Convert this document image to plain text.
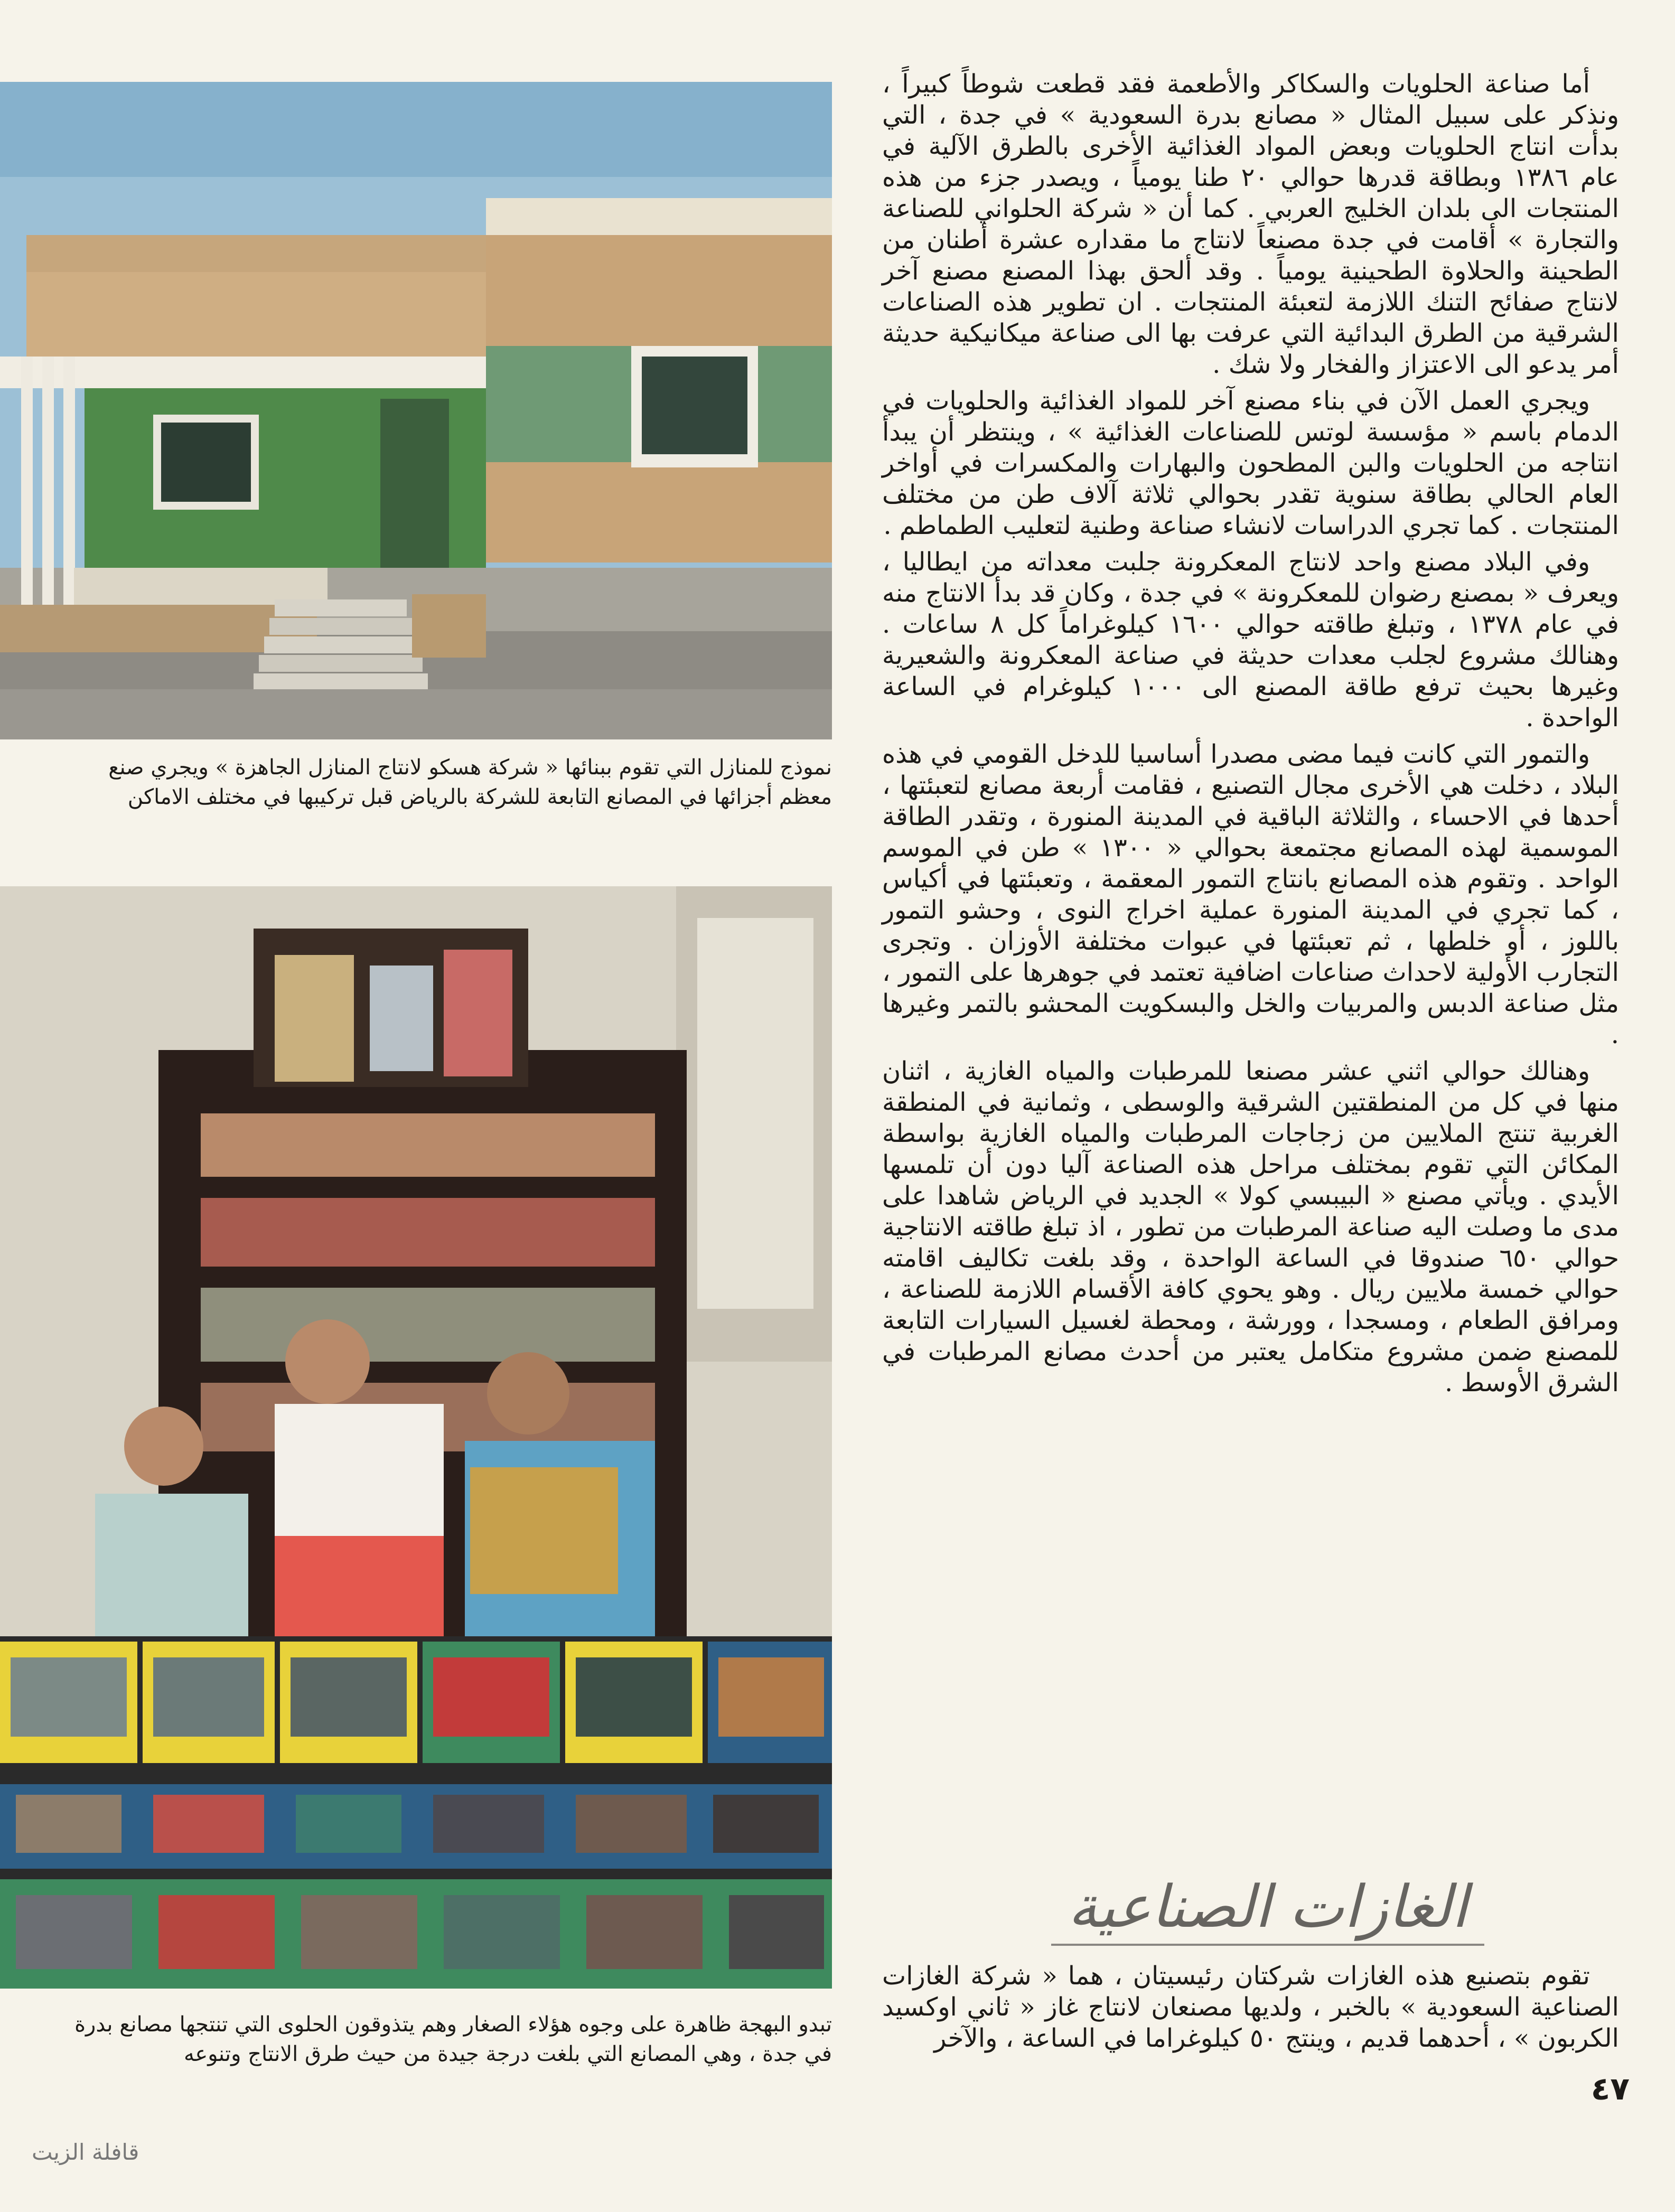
نموذج للمنازل التي تقوم ببنائها « شركة هسكو لانتاج المنازل الجاهزة » ويجري صنع

معظم أجزائها في المصانع التابعة للشركة بالرياض قبل تركيبها في مختلف الاماكن

تبدو البهجة ظاهرة على وجوه هؤلاء الصغار وهم يتذوقون الحلوى التي تنتجها مصانع بدرة

في جدة ، وهي المصانع التي بلغت درجة جيدة من حيث طرق الانتاج وتنوعه

أما صناعة الحلويات والسكاكر والأطعمة فقد قطعت شوطاً كبيراً ، ونذكر على سبيل المثال « مصانع بدرة السعودية » في جدة ، التي بدأت انتاج الحلويات وبعض المواد الغذائية الأخرى بالطرق الآلية في عام ١٣٨٦ وبطاقة قدرها حوالي ٢٠ طنا يومياً ، ويصدر جزء من هذه المنتجات الى بلدان الخليج العربي . كما أن « شركة الحلواني للصناعة والتجارة » أقامت في جدة مصنعاً لانتاج ما مقداره عشرة أطنان من الطحينة والحلاوة الطحينية يومياً . وقد ألحق بهذا المصنع مصنع آخر لانتاج صفائح التنك اللازمة لتعبئة المنتجات . ان تطوير هذه الصناعات الشرقية من الطرق البدائية التي عرفت بها الى صناعة ميكانيكية حديثة أمر يدعو الى الاعتزاز والفخار ولا شك .

ويجري العمل الآن في بناء مصنع آخر للمواد الغذائية والحلويات في الدمام باسم « مؤسسة لوتس للصناعات الغذائية » ، وينتظر أن يبدأ انتاجه من الحلويات والبن المطحون والبهارات والمكسرات في أواخر العام الحالي بطاقة سنوية تقدر بحوالي ثلاثة آلاف طن من مختلف المنتجات . كما تجري الدراسات لانشاء صناعة وطنية لتعليب الطماطم .

وفي البلاد مصنع واحد لانتاج المعكرونة جلبت معداته من ايطاليا ، ويعرف « بمصنع رضوان للمعكرونة » في جدة ، وكان قد بدأ الانتاج منه في عام ١٣٧٨ ، وتبلغ طاقته حوالي ١٦٠٠ كيلوغراماً كل ٨ ساعات . وهنالك مشروع لجلب معدات حديثة في صناعة المعكرونة والشعيرية وغيرها بحيث ترفع طاقة المصنع الى ١٠٠٠ كيلوغرام في الساعة الواحدة .

والتمور التي كانت فيما مضى مصدرا أساسيا للدخل القومي في هذه البلاد ، دخلت هي الأخرى مجال التصنيع ، فقامت أربعة مصانع لتعبئتها ، أحدها في الاحساء ، والثلاثة الباقية في المدينة المنورة ، وتقدر الطاقة الموسمية لهذه المصانع مجتمعة بحوالي « ١٣٠٠ » طن في الموسم الواحد . وتقوم هذه المصانع بانتاج التمور المعقمة ، وتعبئتها في أكياس ، كما تجري في المدينة المنورة عملية اخراج النوى ، وحشو التمور باللوز ، أو خلطها ، ثم تعبئتها في عبوات مختلفة الأوزان . وتجرى التجارب الأولية لاحداث صناعات اضافية تعتمد في جوهرها على التمور ، مثل صناعة الدبس والمربيات والخل والبسكويت المحشو بالتمر وغيرها .

وهنالك حوالي اثني عشر مصنعا للمرطبات والمياه الغازية ، اثنان منها في كل من المنطقتين الشرقية والوسطى ، وثمانية في المنطقة الغربية تنتج الملايين من زجاجات المرطبات والمياه الغازية بواسطة المكائن التي تقوم بمختلف مراحل هذه الصناعة آليا دون أن تلمسها الأيدي . ويأتي مصنع « البيبسي كولا » الجديد في الرياض شاهدا على مدى ما وصلت اليه صناعة المرطبات من تطور ، اذ تبلغ طاقته الانتاجية حوالي ٦٥٠ صندوقا في الساعة الواحدة ، وقد بلغت تكاليف اقامته حوالي خمسة ملايين ريال . وهو يحوي كافة الأقسام اللازمة للصناعة ، ومرافق الطعام ، ومسجدا ، وورشة ، ومحطة لغسيل السيارات التابعة للمصنع ضمن مشروع متكامل يعتبر من أحدث مصانع المرطبات في الشرق الأوسط .

الغازات الصناعية

تقوم بتصنيع هذه الغازات شركتان رئيسيتان ، هما « شركة الغازات الصناعية السعودية » بالخبر ، ولديها مصنعان لانتاج غاز « ثاني اوكسيد الكربون » ، أحدهما قديم ، وينتج ٥٠ كيلوغراما في الساعة ، والآخر

٤٧
قافلة الزيت
